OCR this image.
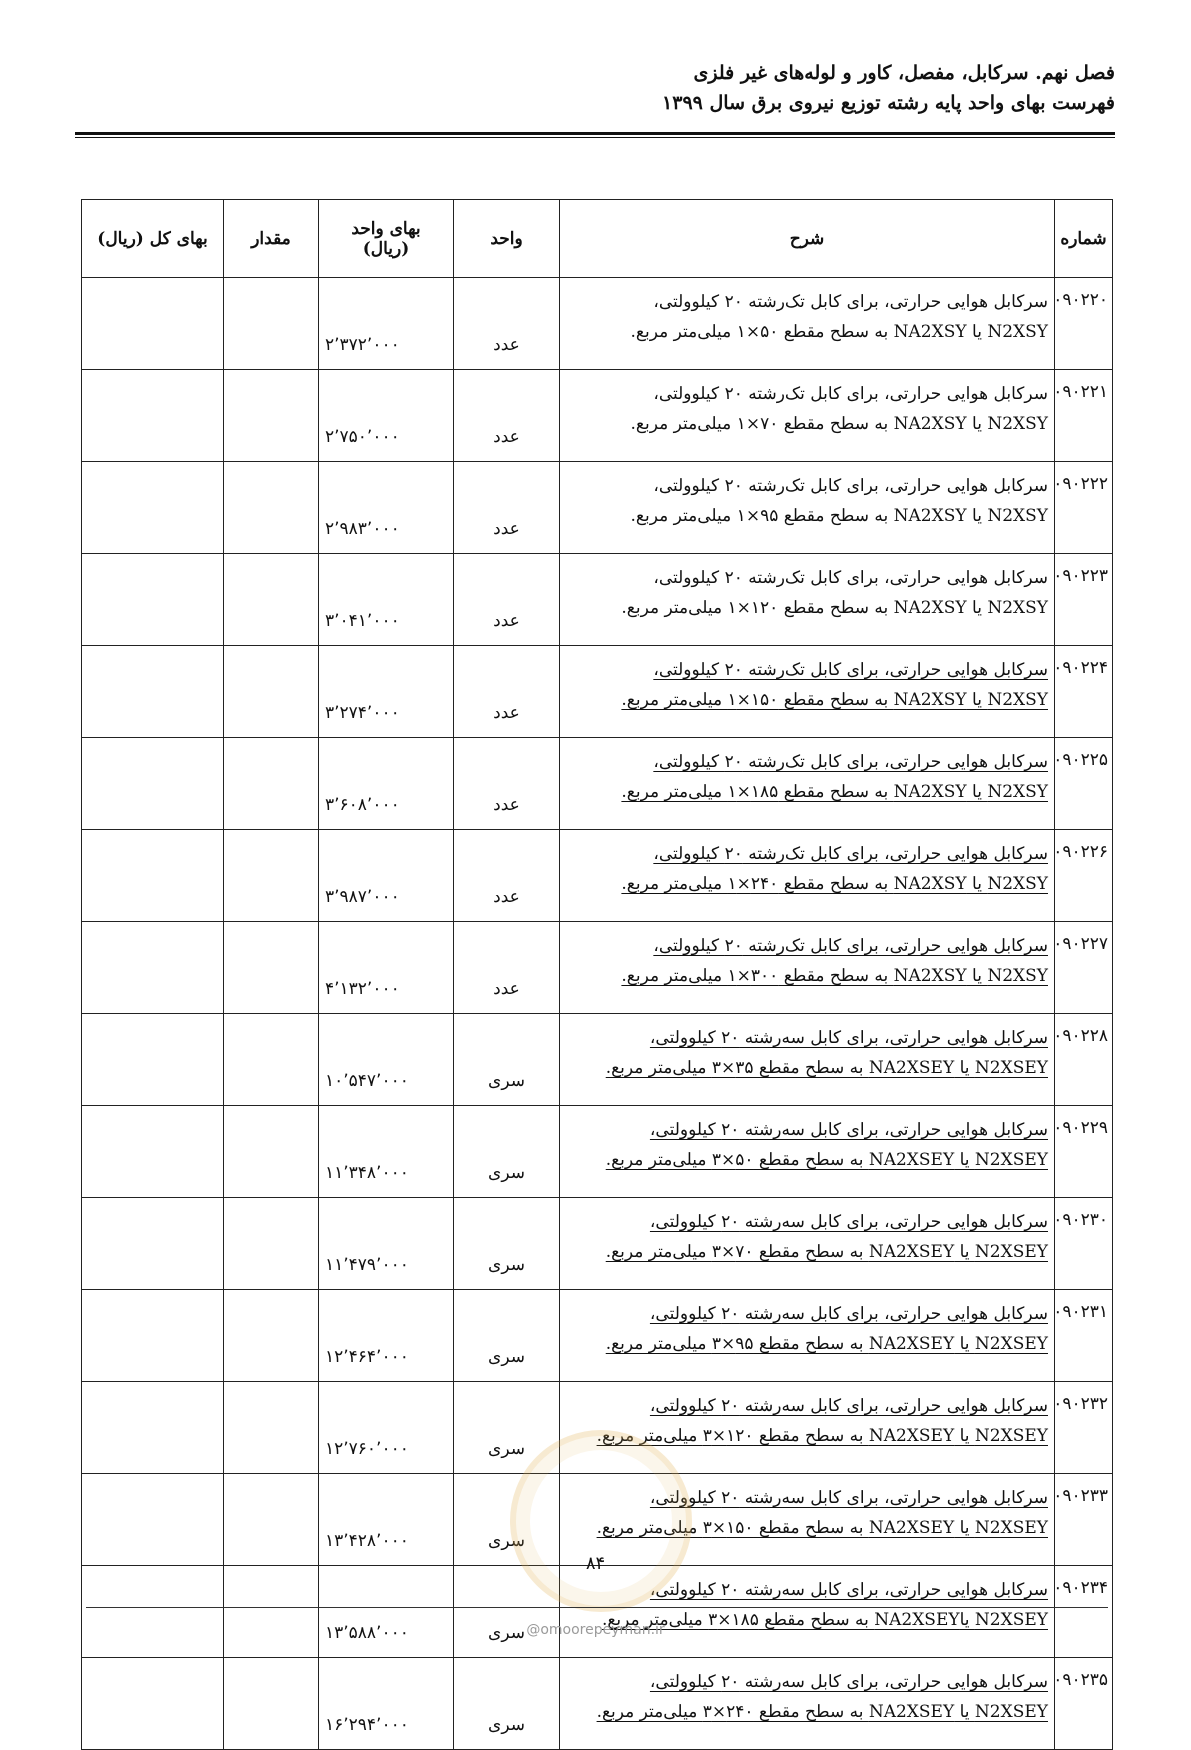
فصل نهم. سرکابل، مفصل، کاور و لوله‌های غیر فلزی
فهرست بهای واحد پایه رشته توزیع نیروی برق سال ۱۳۹۹
شماره	شرح	واحد	بهای واحد
(ریال)	مقدار	بهای کل (ریال)
۰۹۰۲۲۰	سرکابل هوایی حرارتی، برای کابل تک‌رشته ۲۰ کیلوولتی،
N2XSY یا NA2XSY به سطح مقطع ۵۰×۱ میلی‌متر مربع.	عدد	۲٬۳۷۲٬۰۰۰		
۰۹۰۲۲۱	سرکابل هوایی حرارتی، برای کابل تک‌رشته ۲۰ کیلوولتی،
N2XSY یا NA2XSY به سطح مقطع ۷۰×۱ میلی‌متر مربع.	عدد	۲٬۷۵۰٬۰۰۰		
۰۹۰۲۲۲	سرکابل هوایی حرارتی، برای کابل تک‌رشته ۲۰ کیلوولتی،
N2XSY یا NA2XSY به سطح مقطع ۹۵×۱ میلی‌متر مربع.	عدد	۲٬۹۸۳٬۰۰۰		
۰۹۰۲۲۳	سرکابل هوایی حرارتی، برای کابل تک‌رشته ۲۰ کیلوولتی،
N2XSY یا NA2XSY به سطح مقطع ۱۲۰×۱ میلی‌متر مربع.	عدد	۳٬۰۴۱٬۰۰۰		
۰۹۰۲۲۴	سرکابل هوایی حرارتی، برای کابل تک‌رشته ۲۰ کیلوولتی،
N2XSY یا NA2XSY به سطح مقطع ۱۵۰×۱ میلی‌متر مربع.	عدد	۳٬۲۷۴٬۰۰۰		
۰۹۰۲۲۵	سرکابل هوایی حرارتی، برای کابل تک‌رشته ۲۰ کیلوولتی،
N2XSY یا NA2XSY به سطح مقطع ۱۸۵×۱ میلی‌متر مربع.	عدد	۳٬۶۰۸٬۰۰۰		
۰۹۰۲۲۶	سرکابل هوایی حرارتی، برای کابل تک‌رشته ۲۰ کیلوولتی،
N2XSY یا NA2XSY به سطح مقطع ۲۴۰×۱ میلی‌متر مربع.	عدد	۳٬۹۸۷٬۰۰۰		
۰۹۰۲۲۷	سرکابل هوایی حرارتی، برای کابل تک‌رشته ۲۰ کیلوولتی،
N2XSY یا NA2XSY به سطح مقطع ۳۰۰×۱ میلی‌متر مربع.	عدد	۴٬۱۳۲٬۰۰۰		
۰۹۰۲۲۸	سرکابل هوایی حرارتی، برای کابل سه‌رشته ۲۰ کیلوولتی،
N2XSEY یا NA2XSEY به سطح مقطع ۳۵×۳ میلی‌متر مربع.	سری	۱۰٬۵۴۷٬۰۰۰		
۰۹۰۲۲۹	سرکابل هوایی حرارتی، برای کابل سه‌رشته ۲۰ کیلوولتی،
N2XSEY یا NA2XSEY به سطح مقطع ۵۰×۳ میلی‌متر مربع.	سری	۱۱٬۳۴۸٬۰۰۰		
۰۹۰۲۳۰	سرکابل هوایی حرارتی، برای کابل سه‌رشته ۲۰ کیلوولتی،
N2XSEY یا NA2XSEY به سطح مقطع ۷۰×۳ میلی‌متر مربع.	سری	۱۱٬۴۷۹٬۰۰۰		
۰۹۰۲۳۱	سرکابل هوایی حرارتی، برای کابل سه‌رشته ۲۰ کیلوولتی،
N2XSEY یا NA2XSEY به سطح مقطع ۹۵×۳ میلی‌متر مربع.	سری	۱۲٬۴۶۴٬۰۰۰		
۰۹۰۲۳۲	سرکابل هوایی حرارتی، برای کابل سه‌رشته ۲۰ کیلوولتی،
N2XSEY یا NA2XSEY به سطح مقطع ۱۲۰×۳ میلی‌متر مربع.	سری	۱۲٬۷۶۰٬۰۰۰		
۰۹۰۲۳۳	سرکابل هوایی حرارتی، برای کابل سه‌رشته ۲۰ کیلوولتی،
N2XSEY یا NA2XSEY به سطح مقطع ۱۵۰×۳ میلی‌متر مربع.	سری	۱۳٬۴۲۸٬۰۰۰		
۰۹۰۲۳۴	سرکابل هوایی حرارتی، برای کابل سه‌رشته ۲۰ کیلوولتی،
N2XSEY یاNA2XSEY به سطح مقطع ۱۸۵×۳ میلی‌متر مربع.	سری	۱۳٬۵۸۸٬۰۰۰		
۰۹۰۲۳۵	سرکابل هوایی حرارتی، برای کابل سه‌رشته ۲۰ کیلوولتی،
N2XSEY یا NA2XSEY به سطح مقطع ۲۴۰×۳ میلی‌متر مربع.	سری	۱۶٬۲۹۴٬۰۰۰		
۸۴
@omoorepeyman.ir
